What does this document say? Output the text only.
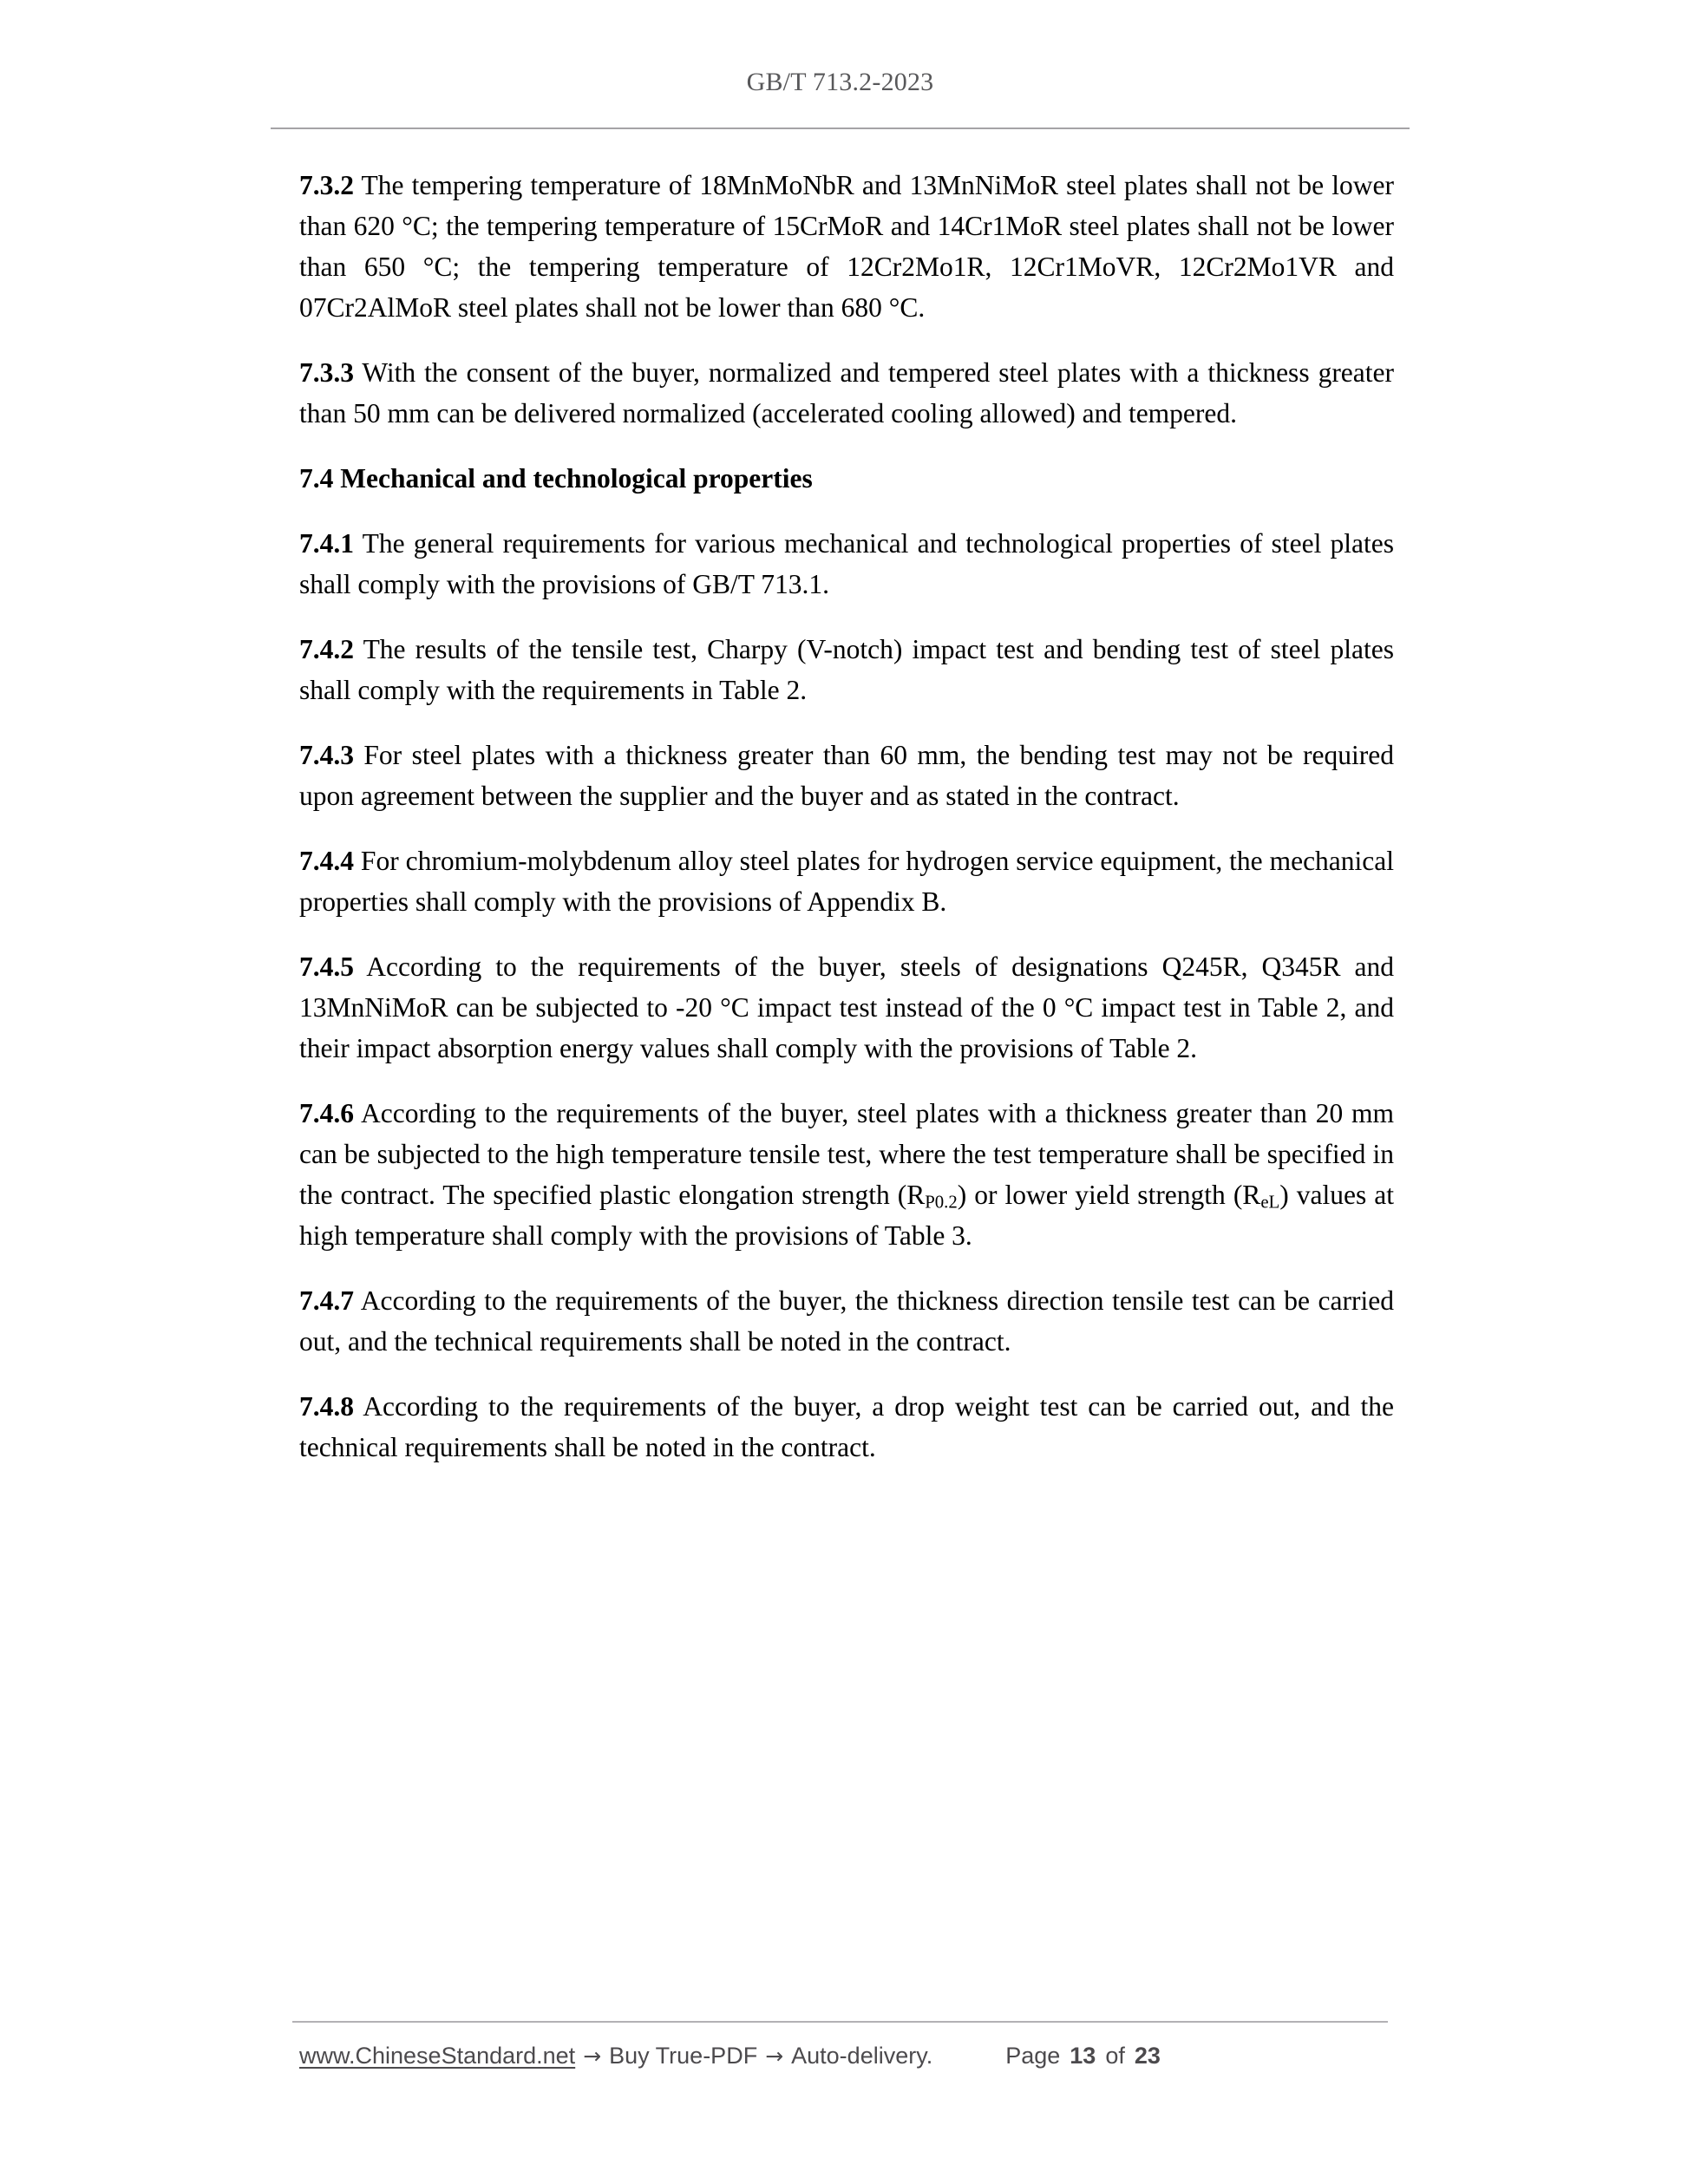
GB/T 713.2-2023

7.3.2 The tempering temperature of 18MnMoNbR and 13MnNiMoR steel plates shall not be lower than 620 °C; the tempering temperature of 15CrMoR and 14Cr1MoR steel plates shall not be lower than 650 °C; the tempering temperature of 12Cr2Mo1R, 12Cr1MoVR, 12Cr2Mo1VR and 07Cr2AlMoR steel plates shall not be lower than 680 °C.

7.3.3 With the consent of the buyer, normalized and tempered steel plates with a thickness greater than 50 mm can be delivered normalized (accelerated cooling allowed) and tempered.

7.4 Mechanical and technological properties

7.4.1 The general requirements for various mechanical and technological properties of steel plates shall comply with the provisions of GB/T 713.1.

7.4.2 The results of the tensile test, Charpy (V-notch) impact test and bending test of steel plates shall comply with the requirements in Table 2.

7.4.3 For steel plates with a thickness greater than 60 mm, the bending test may not be required upon agreement between the supplier and the buyer and as stated in the contract.

7.4.4 For chromium-molybdenum alloy steel plates for hydrogen service equipment, the mechanical properties shall comply with the provisions of Appendix B.

7.4.5 According to the requirements of the buyer, steels of designations Q245R, Q345R and 13MnNiMoR can be subjected to -20 °C impact test instead of the 0 °C impact test in Table 2, and their impact absorption energy values shall comply with the provisions of Table 2.

7.4.6 According to the requirements of the buyer, steel plates with a thickness greater than 20 mm can be subjected to the high temperature tensile test, where the test temperature shall be specified in the contract. The specified plastic elongation strength $(R_{P0.2})$ or lower yield strength $(R_{eL})$ values at high temperature shall comply with the provisions of Table 3.

7.4.7 According to the requirements of the buyer, the thickness direction tensile test can be carried out, and the technical requirements shall be noted in the contract.

7.4.8 According to the requirements of the buyer, a drop weight test can be carried out, and the technical requirements shall be noted in the contract.

www.ChineseStandard.net → Buy True-PDF → Auto-delivery.	Page 13 of 23
